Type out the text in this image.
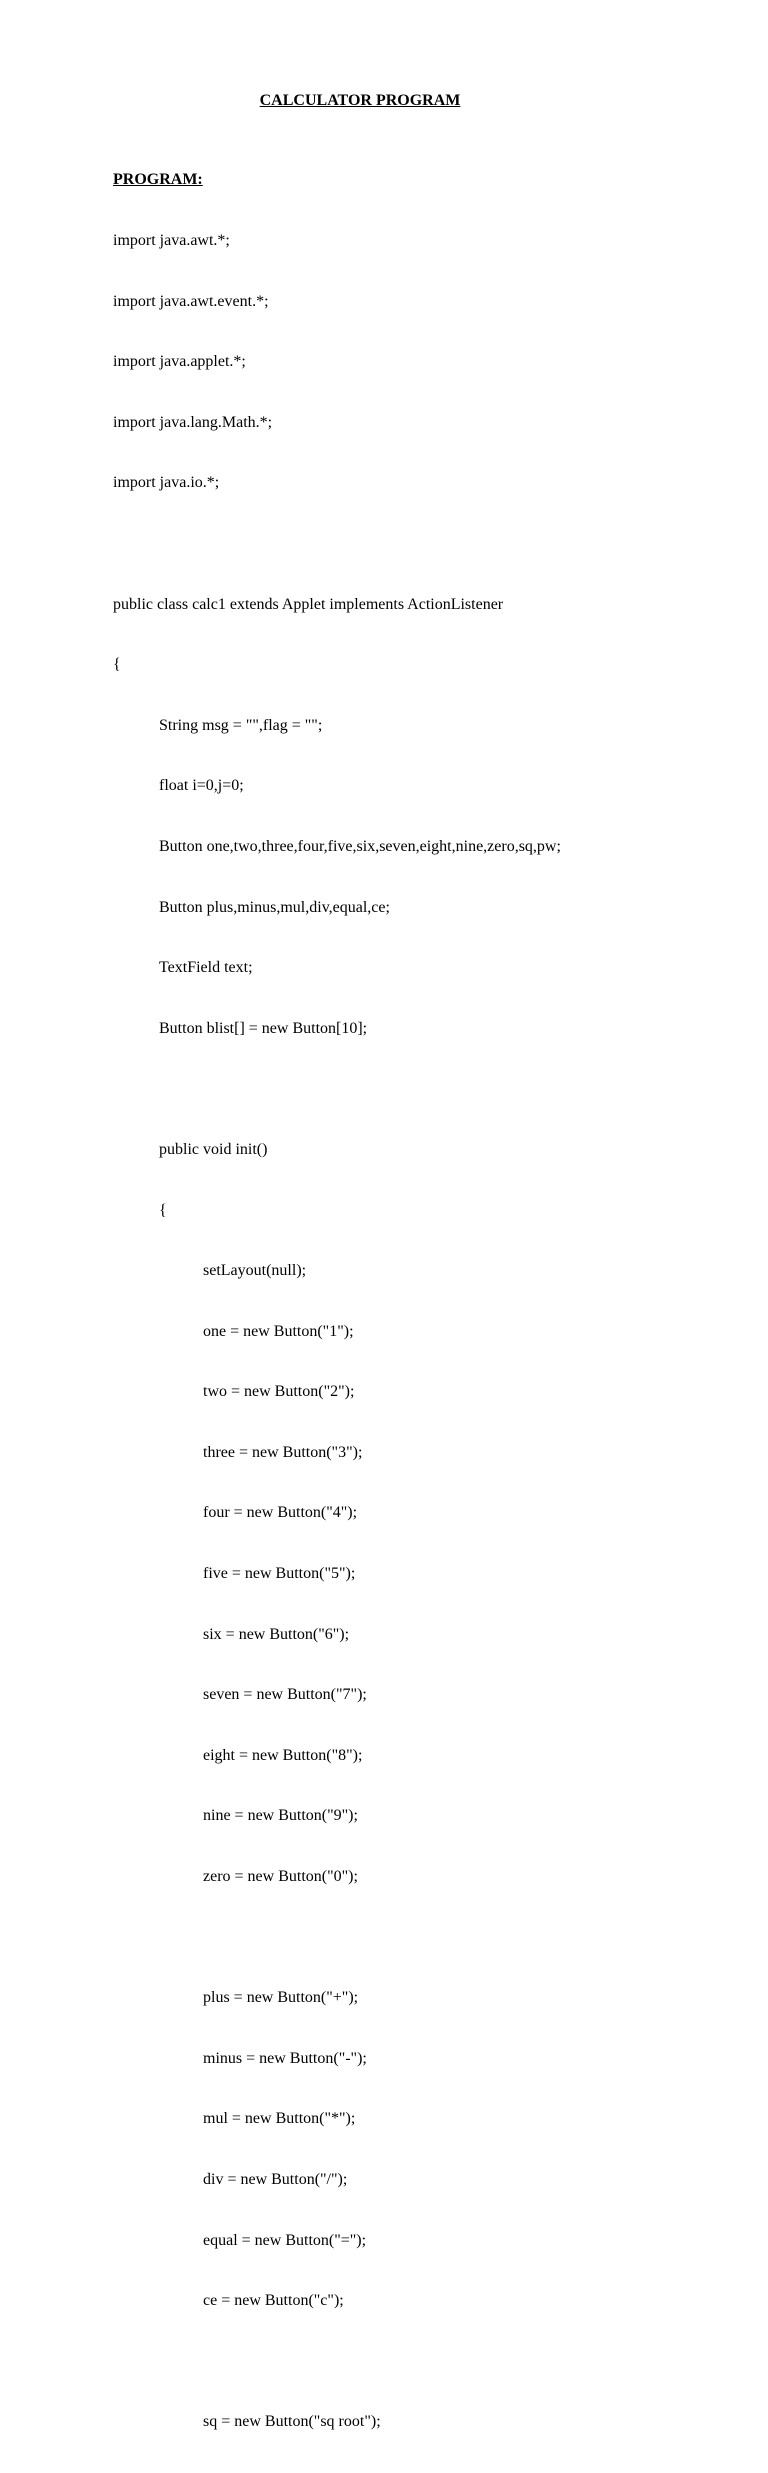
CALCULATOR PROGRAM

PROGRAM:

import java.awt.*;

import java.awt.event.*;

import java.applet.*;

import java.lang.Math.*;

import java.io.*;

public class calc1 extends Applet implements ActionListener

{

String msg = "",flag = "";

float i=0,j=0;

Button one,two,three,four,five,six,seven,eight,nine,zero,sq,pw;

Button plus,minus,mul,div,equal,ce;

TextField text;

Button blist[] = new Button[10];

public void init()

{

setLayout(null);

one = new Button("1");

two = new Button("2");

three = new Button("3");

four = new Button("4");

five = new Button("5");

six = new Button("6");

seven = new Button("7");

eight = new Button("8");

nine = new Button("9");

zero = new Button("0");

plus = new Button("+");

minus = new Button("-");

mul = new Button("*");

div = new Button("/");

equal = new Button("=");

ce = new Button("c");

sq = new Button("sq root");
